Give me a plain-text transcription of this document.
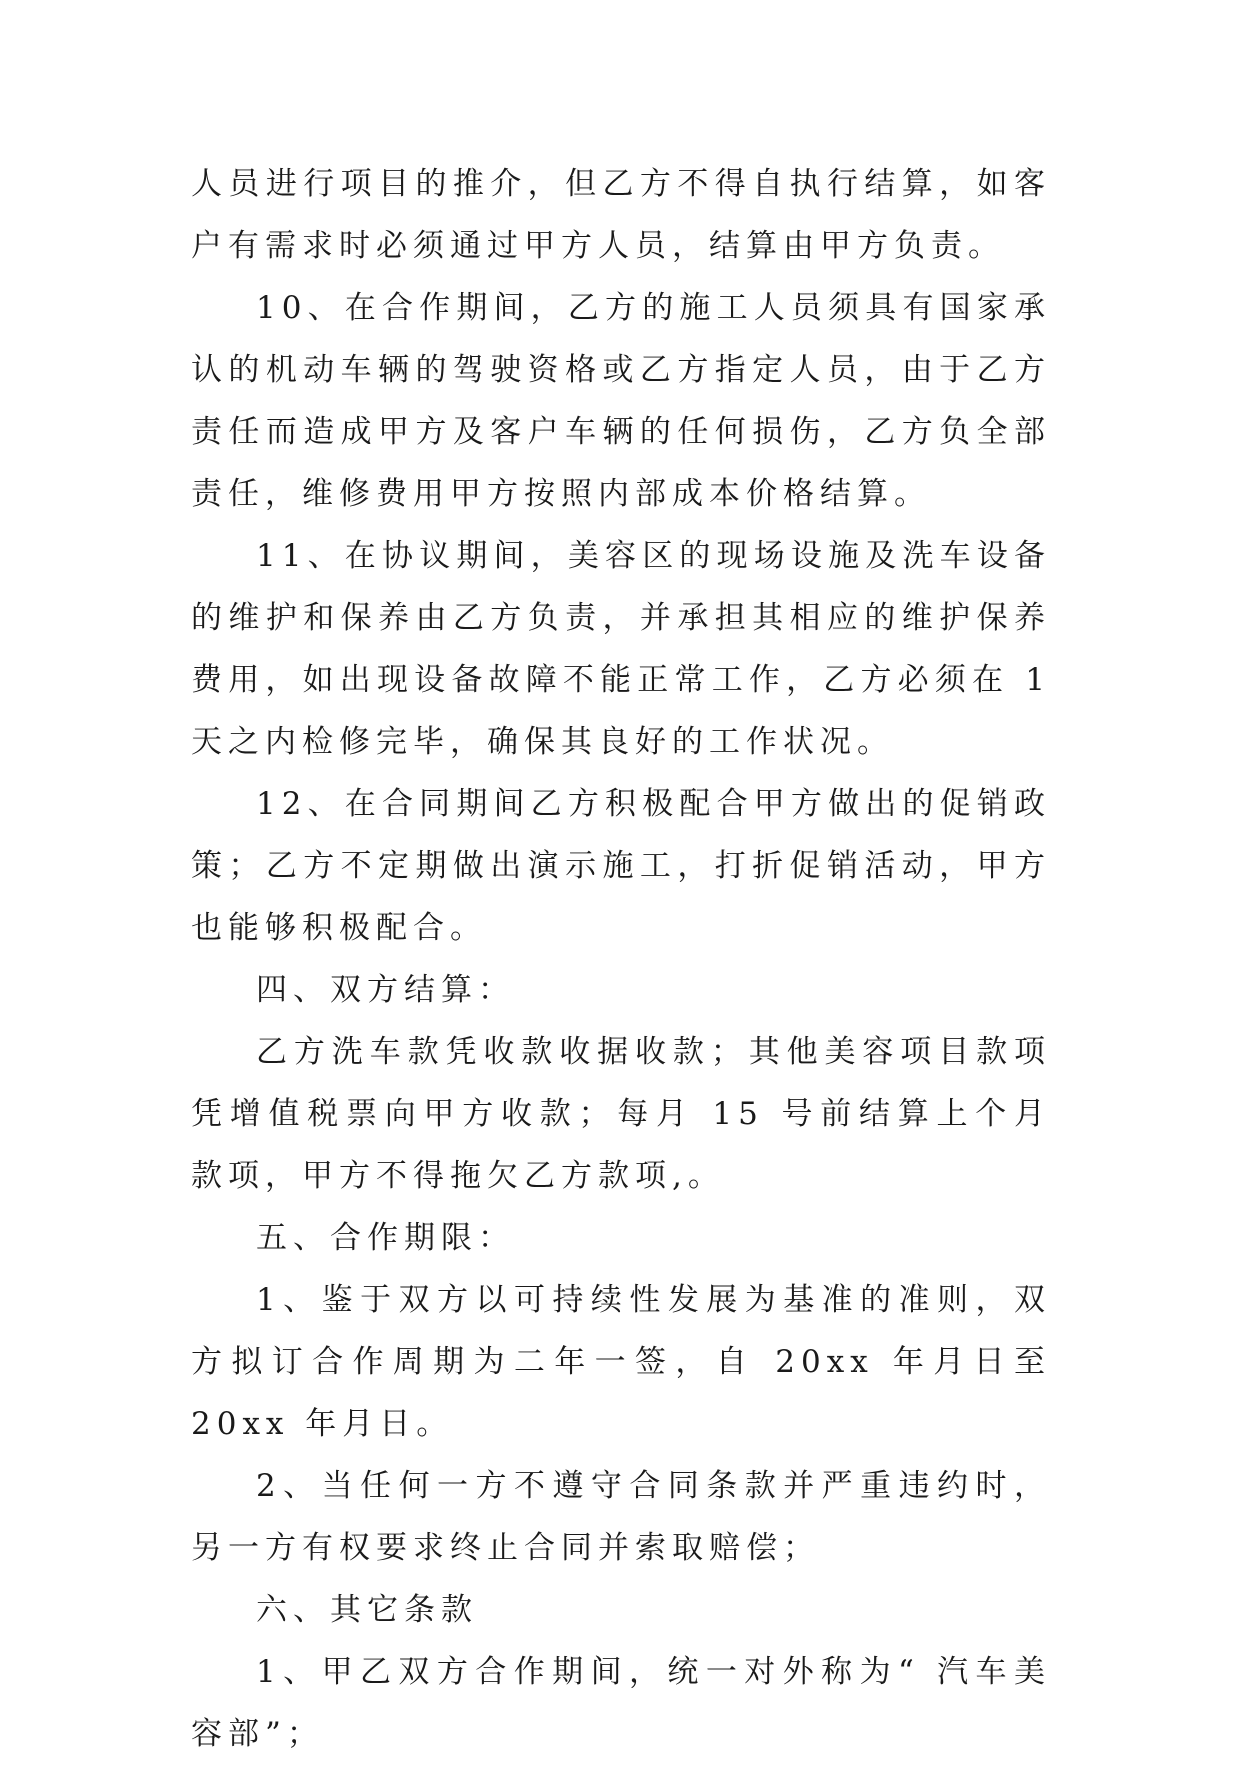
人员进行项目的推介，但乙方不得自执行结算，如客户有需求时必须通过甲方人员，结算由甲方负责。

10、在合作期间，乙方的施工人员须具有国家承认的机动车辆的驾驶资格或乙方指定人员，由于乙方责任而造成甲方及客户车辆的任何损伤，乙方负全部责任，维修费用甲方按照内部成本价格结算。

11、在协议期间，美容区的现场设施及洗车设备的维护和保养由乙方负责，并承担其相应的维护保养费用，如出现设备故障不能正常工作，乙方必须在 1 天之内检修完毕，确保其良好的工作状况。

12、在合同期间乙方积极配合甲方做出的促销政策；乙方不定期做出演示施工，打折促销活动，甲方也能够积极配合。

四、双方结算：

乙方洗车款凭收款收据收款；其他美容项目款项凭增值税票向甲方收款；每月 15 号前结算上个月款项，甲方不得拖欠乙方款项,。

五、合作期限：

1、鉴于双方以可持续性发展为基准的准则，双方拟订合作周期为二年一签，自 20xx 年月日至 20xx 年月日。

2、当任何一方不遵守合同条款并严重违约时，另一方有权要求终止合同并索取赔偿；

六、其它条款

1、甲乙双方合作期间，统一对外称为“ 汽车美容部”；
